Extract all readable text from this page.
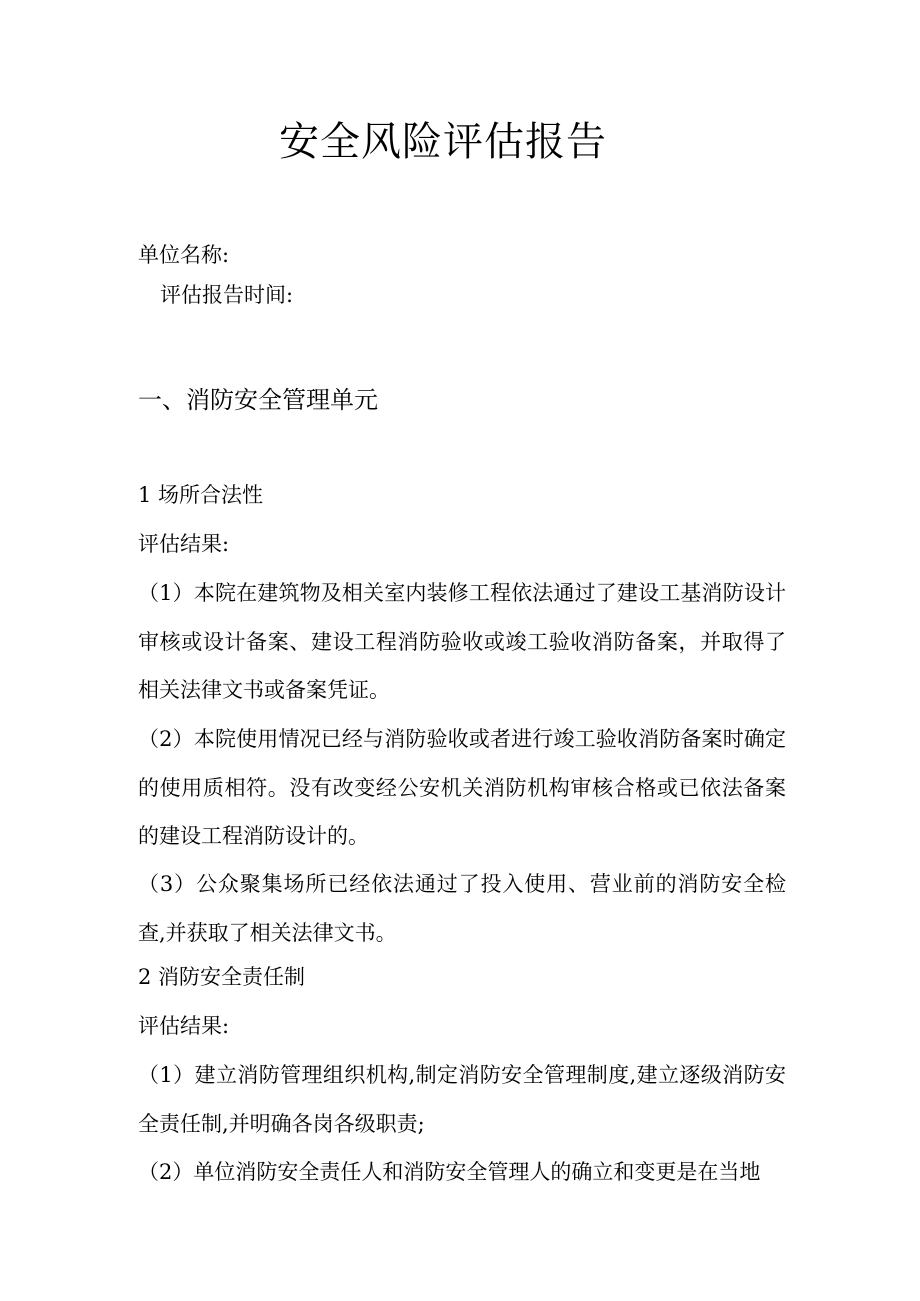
安全风险评估报告
单位名称:
评估报告时间:
一、消防安全管理单元
1 场所合法性
评估结果:
（1）本院在建筑物及相关室内装修工程依法通过了建设工基消防设计审核或设计备案、建设工程消防验收或竣工验收消防备案，并取得了相关法律文书或备案凭证。
（2）本院使用情况已经与消防验收或者进行竣工验收消防备案时确定的使用质相符。没有改变经公安机关消防机构审核合格或已依法备案的建设工程消防设计的。
（3）公众聚集场所已经依法通过了投入使用、营业前的消防安全检查,并获取了相关法律文书。
2 消防安全责任制
评估结果:
（1）建立消防管理组织机构,制定消防安全管理制度,建立逐级消防安全责任制,并明确各岗各级职责;
（2）单位消防安全责任人和消防安全管理人的确立和变更是在当地
